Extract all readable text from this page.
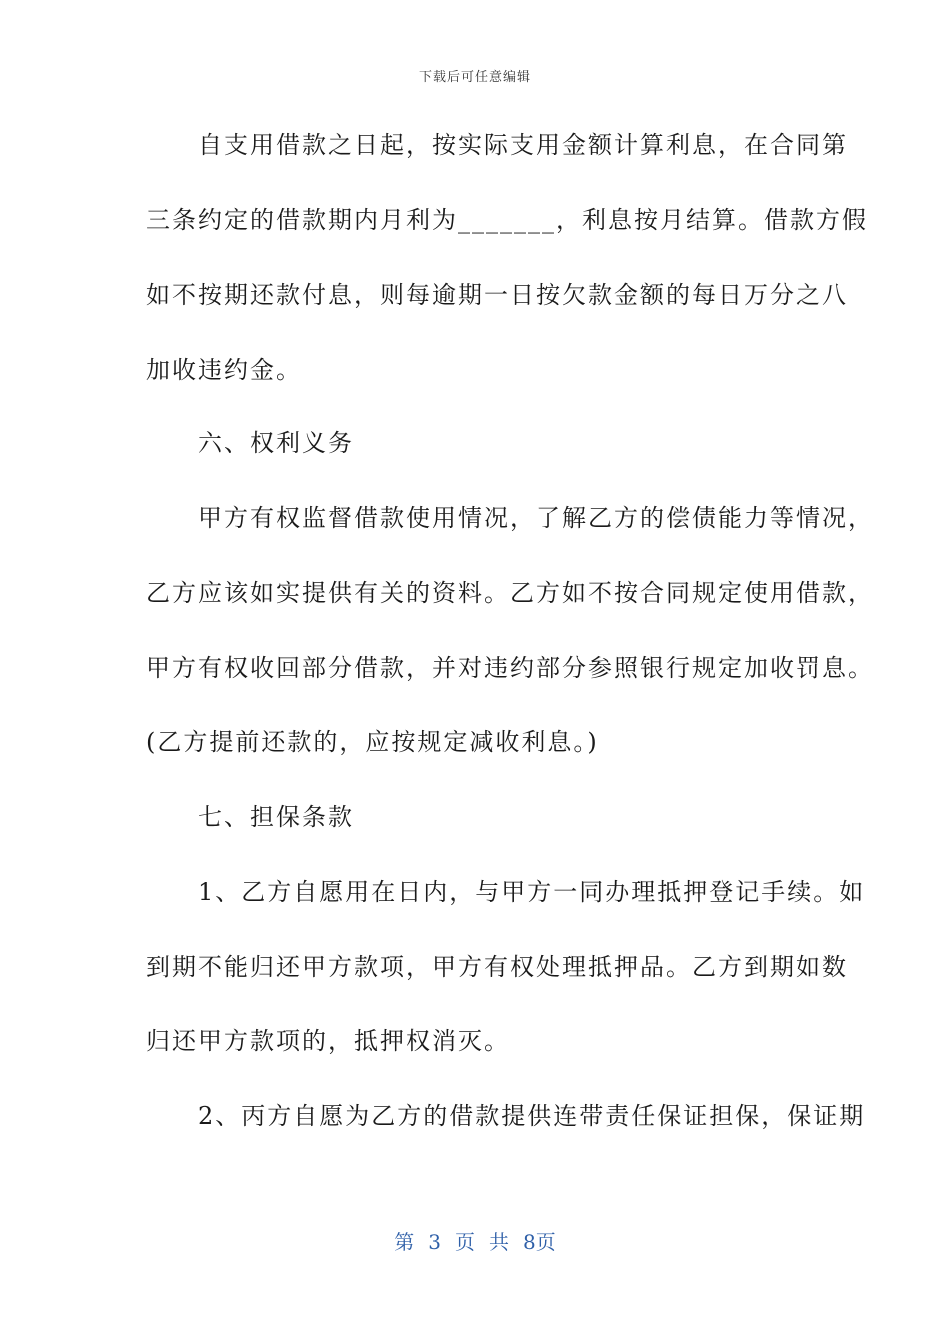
下载后可任意编辑
　　自支用借款之日起，按实际支用金额计算利息，在合同第
三条约定的借款期内月利为_______，利息按月结算。借款方假
如不按期还款付息，则每逾期一日按欠款金额的每日万分之八
加收违约金。
　　六、权利义务
　　甲方有权监督借款使用情况，了解乙方的偿债能力等情况，
乙方应该如实提供有关的资料。乙方如不按合同规定使用借款，
甲方有权收回部分借款，并对违约部分参照银行规定加收罚息。
(乙方提前还款的，应按规定减收利息。)
　　七、担保条款
　　1、乙方自愿用在日内，与甲方一同办理抵押登记手续。如
到期不能归还甲方款项，甲方有权处理抵押品。乙方到期如数
归还甲方款项的，抵押权消灭。
　　2、丙方自愿为乙方的借款提供连带责任保证担保，保证期
第 3 页 共 8页
